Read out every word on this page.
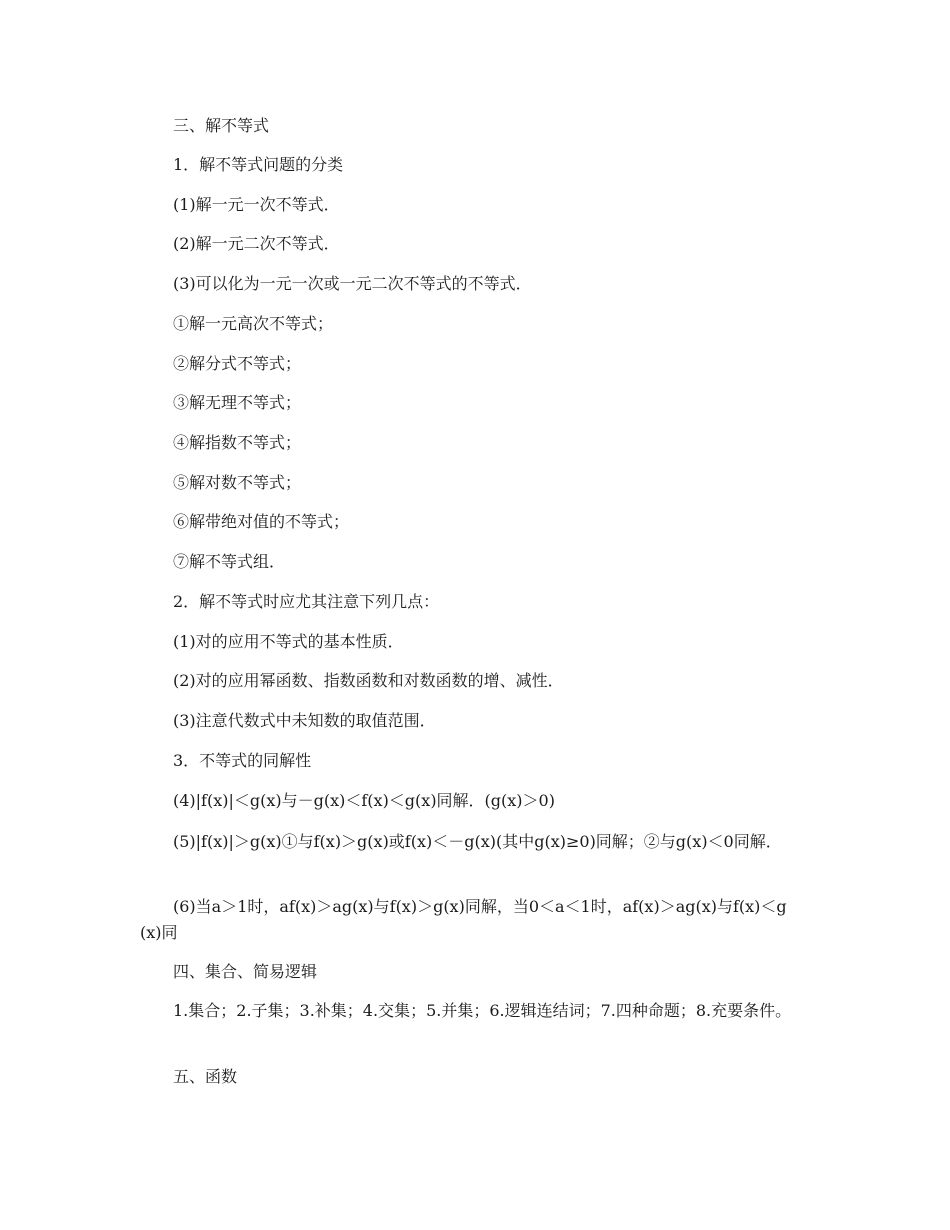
三、解不等式
1．解不等式问题的分类
(1)解一元一次不等式．
(2)解一元二次不等式．
(3)可以化为一元一次或一元二次不等式的不等式．
①解一元高次不等式；
②解分式不等式；
③解无理不等式；
④解指数不等式；
⑤解对数不等式；
⑥解带绝对值的不等式；
⑦解不等式组．
2．解不等式时应尤其注意下列几点：
(1)对的应用不等式的基本性质．
(2)对的应用幂函数、指数函数和对数函数的增、减性．
(3)注意代数式中未知数的取值范围．
3．不等式的同解性
(4)|f(x)|＜g(x)与－g(x)＜f(x)＜g(x)同解．(g(x)＞0)
(5)|f(x)|＞g(x)①与f(x)＞g(x)或f(x)＜－g(x)(其中g(x)≥0)同解；②与g(x)＜0同解．
(6)当a＞1时，af(x)＞ag(x)与f(x)＞g(x)同解，当0＜a＜1时，af(x)＞ag(x)与f(x)＜g(x)同
四、集合、简易逻辑
1.集合；2.子集；3.补集；4.交集；5.并集；6.逻辑连结词；7.四种命题；8.充要条件。
五、函数
